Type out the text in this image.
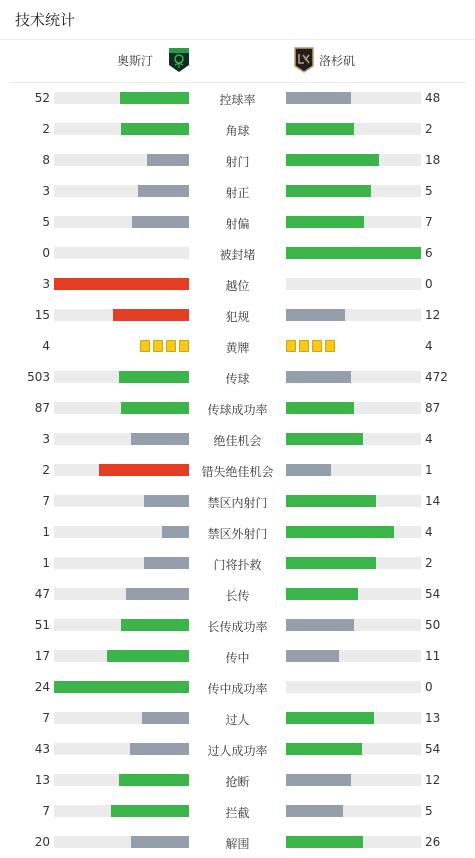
技术统计
奥斯汀	洛杉矶
52	控球率	48
2	角球	2
8	射门	18
3	射正	5
5	射偏	7
0	被封堵	6
3	越位	0
15	犯规	12
4	黄牌	4
503	传球	472
87	传球成功率	87
3	绝佳机会	4
2	错失绝佳机会	1
7	禁区内射门	14
1	禁区外射门	4
1	门将扑救	2
47	长传	54
51	长传成功率	50
17	传中	11
24	传中成功率	0
7	过人	13
43	过人成功率	54
13	抢断	12
7	拦截	5
20	解围	26
